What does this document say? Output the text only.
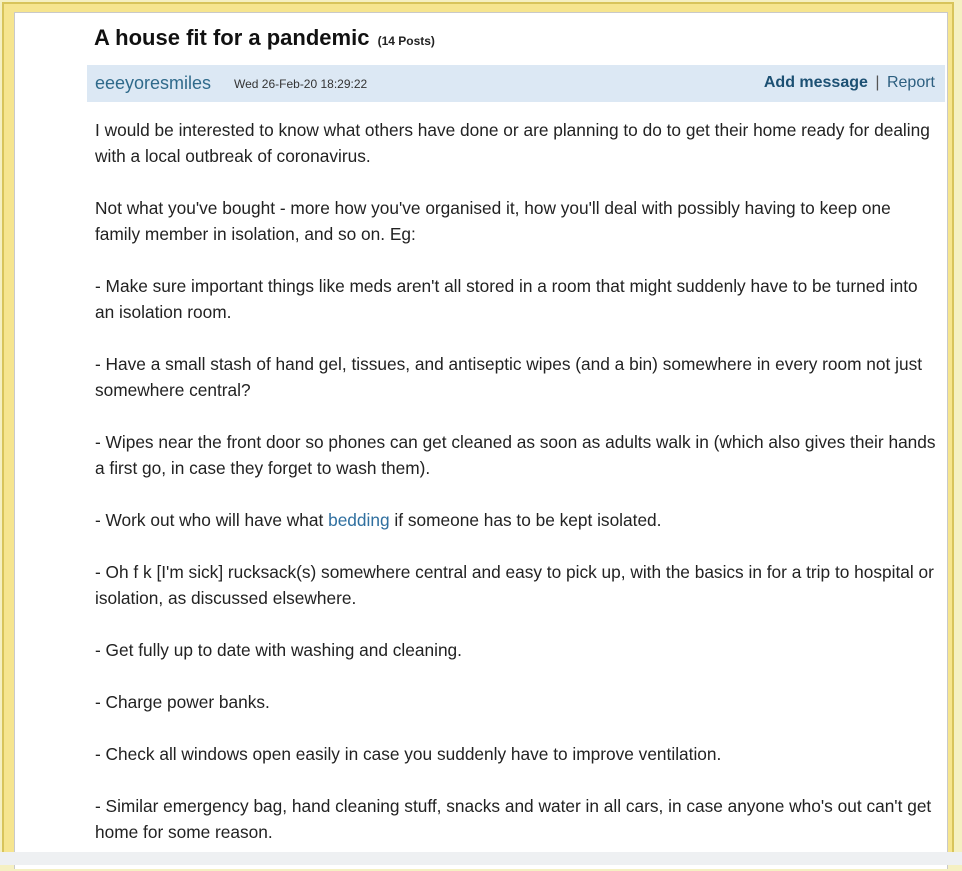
A house fit for a pandemic (14 Posts)
eeeyoresmiles Wed 26-Feb-20 18:29:22	Add message | Report

I would be interested to know what others have done or are planning to do to get their home ready for dealing with a local outbreak of coronavirus.

Not what you've bought - more how you've organised it, how you'll deal with possibly having to keep one family member in isolation, and so on. Eg:

- Make sure important things like meds aren't all stored in a room that might suddenly have to be turned into an isolation room.

- Have a small stash of hand gel, tissues, and antiseptic wipes (and a bin) somewhere in every room not just somewhere central?

- Wipes near the front door so phones can get cleaned as soon as adults walk in (which also gives their hands a first go, in case they forget to wash them).

- Work out who will have what bedding if someone has to be kept isolated.

- Oh f k [I'm sick] rucksack(s) somewhere central and easy to pick up, with the basics in for a trip to hospital or isolation, as discussed elsewhere.

- Get fully up to date with washing and cleaning.

- Charge power banks.

- Check all windows open easily in case you suddenly have to improve ventilation.

- Similar emergency bag, hand cleaning stuff, snacks and water in all cars, in case anyone who's out can't get home for some reason.
